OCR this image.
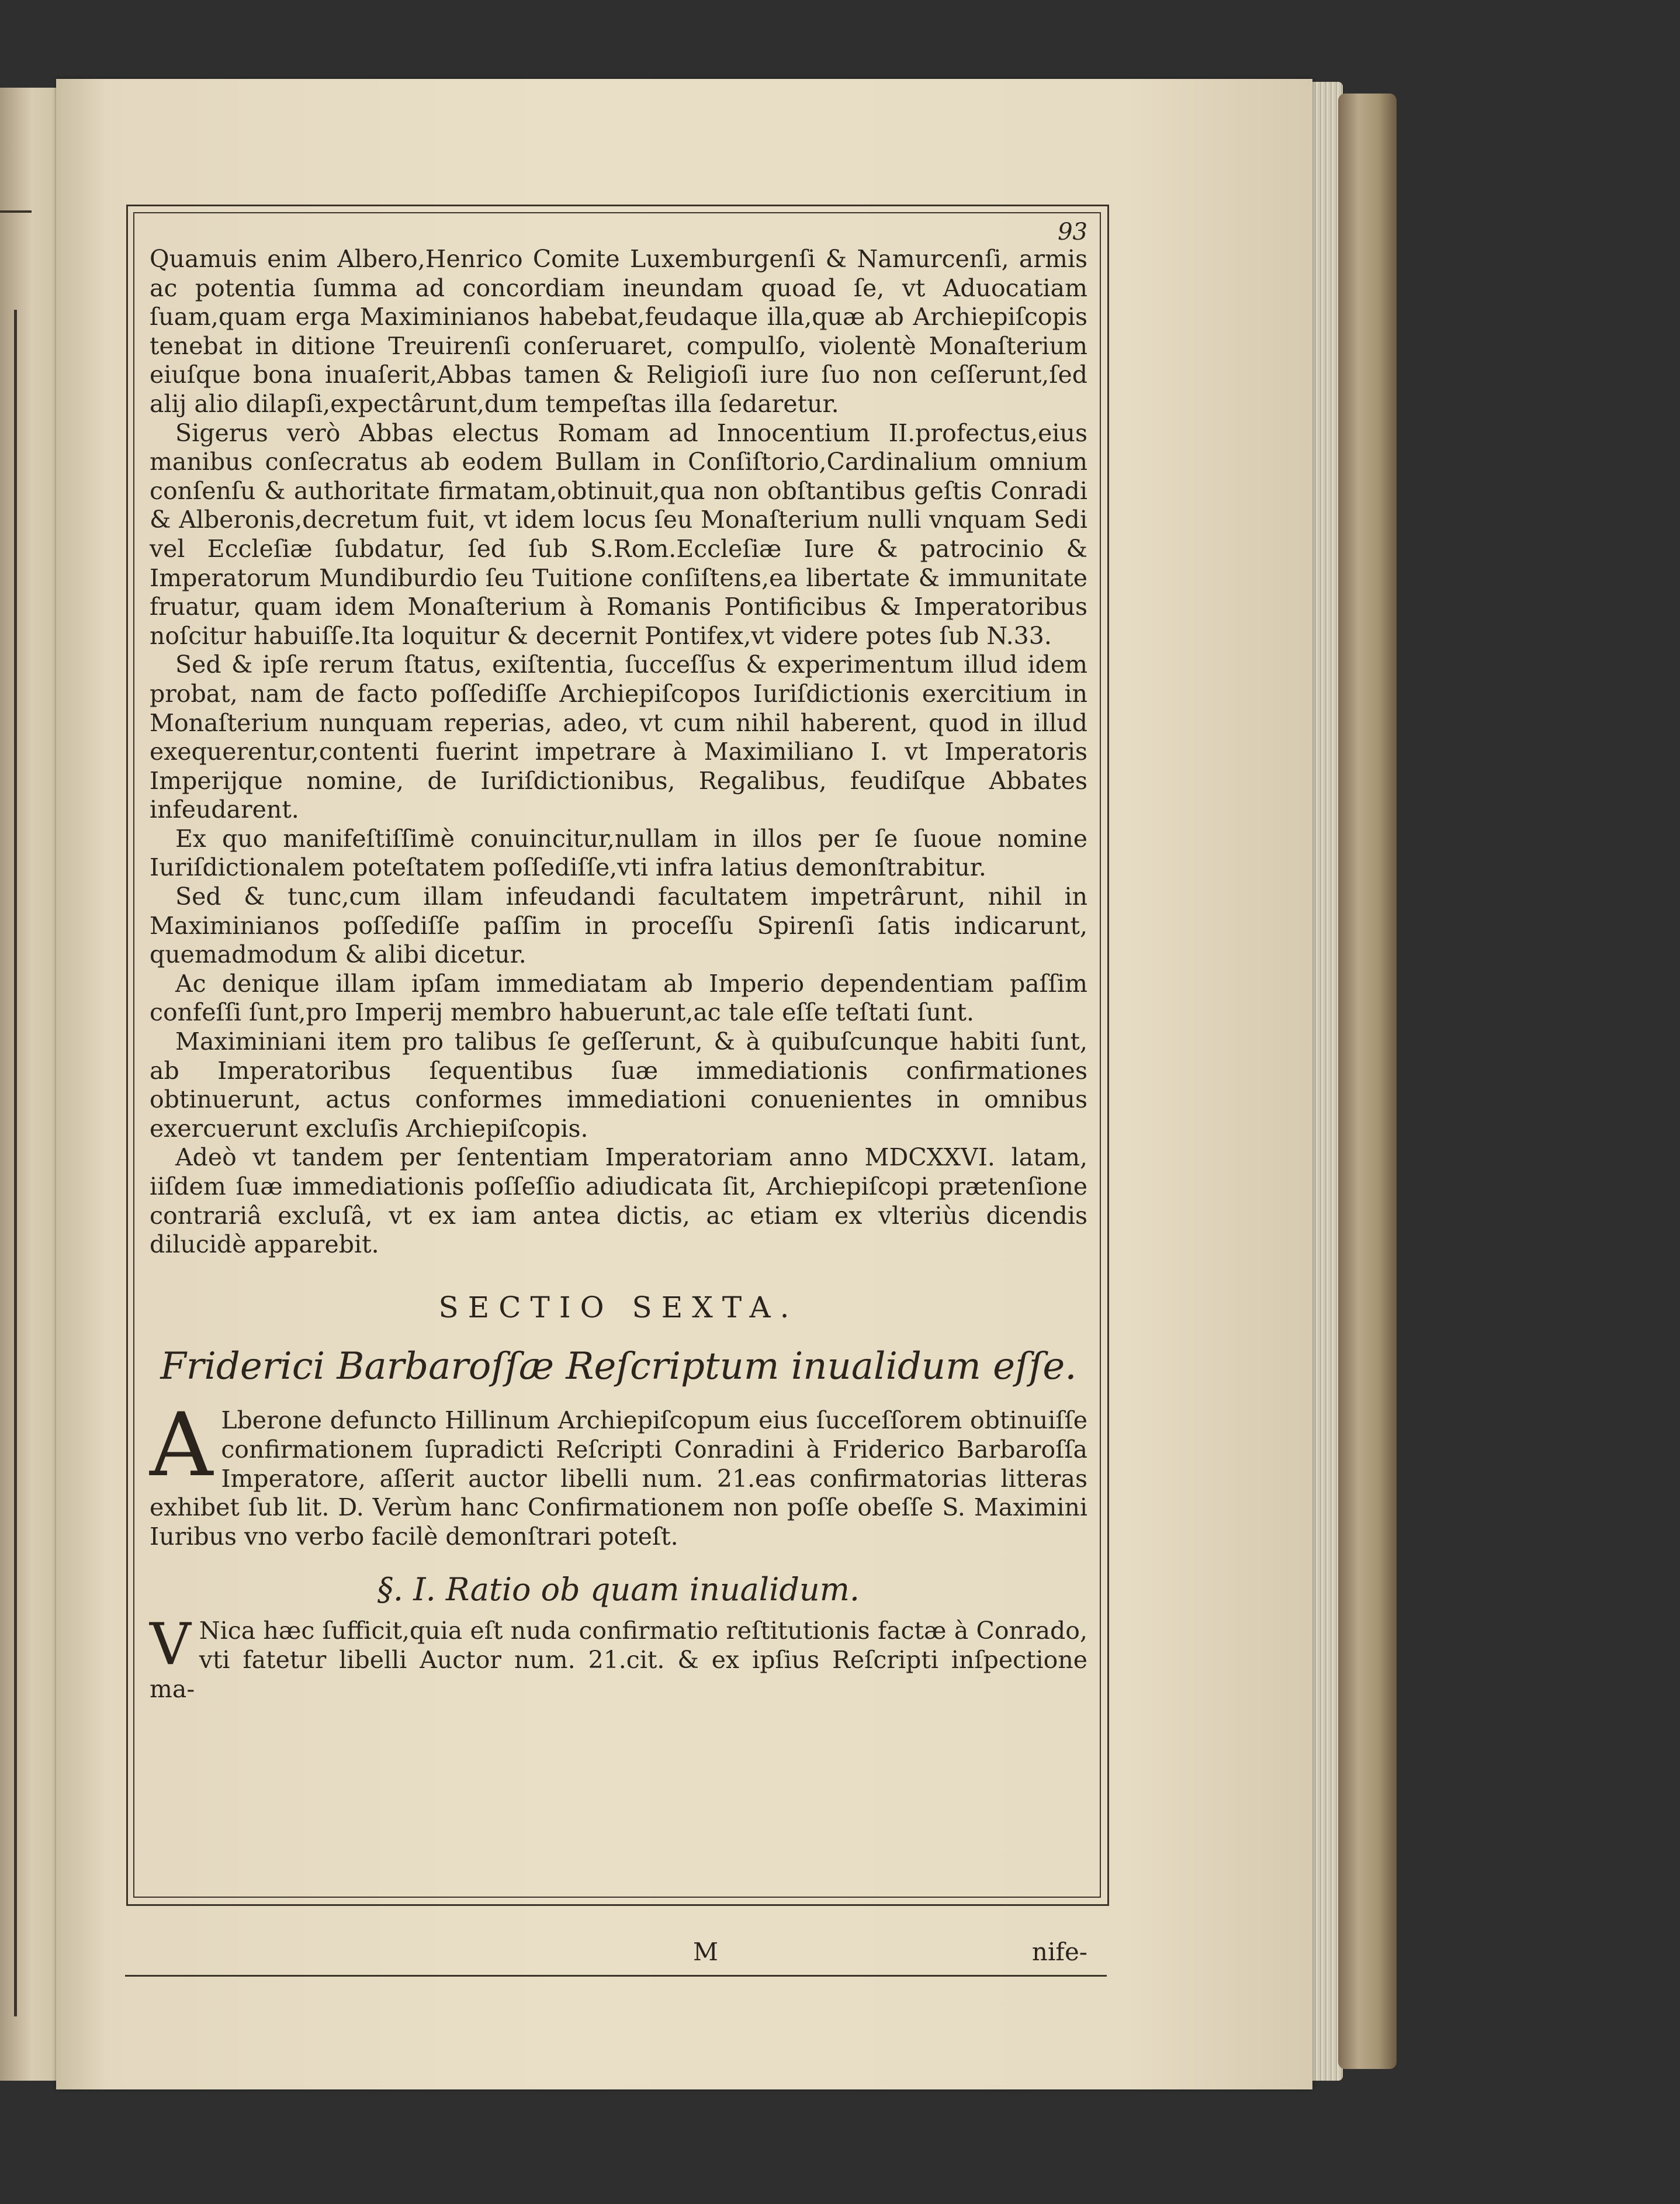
93

Quamuis enim Albero,Henrico Comite Luxemburgenſi & Namurcenſi, armis ac potentia ſumma ad concordiam ineundam quoad ſe, vt Aduocatiam ſuam,quam erga Maximinianos habebat,feudaque illa,quæ ab Archiepiſcopis tenebat in ditione Treuirenſi conſeruaret, compulſo, violentè Monaſterium eiuſque bona inuaſerit,Abbas tamen & Religioſi iure ſuo non ceſſerunt,ſed alij alio dilapſi,expectârunt,dum tempeſtas illa ſedaretur.

Sigerus verò Abbas electus Romam ad Innocentium II.profectus,eius manibus conſecratus ab eodem Bullam in Conſiſtorio,Cardinalium omnium conſenſu & authoritate firmatam,obtinuit,qua non obſtantibus geſtis Conradi & Alberonis,decretum fuit, vt idem locus ſeu Monaſterium nulli vnquam Sedi vel Eccleſiæ ſubdatur, ſed ſub S.Rom.Eccleſiæ Iure & patrocinio & Imperatorum Mundiburdio ſeu Tuitione conſiſtens,ea libertate & immunitate fruatur, quam idem Monaſterium à Romanis Pontificibus & Imperatoribus noſcitur habuiſſe.Ita loquitur & decernit Pontifex,vt videre potes ſub N.33.

Sed & ipſe rerum ſtatus, exiſtentia, ſucceſſus & experimentum illud idem probat, nam de facto poſſediſſe Archiepiſcopos Iuriſdictionis exercitium in Monaſterium nunquam reperias, adeo, vt cum nihil haberent, quod in illud exequerentur,contenti fuerint impetrare à Maximiliano I. vt Imperatoris Imperijque nomine, de Iuriſdictionibus, Regalibus, feudiſque Abbates infeudarent.

Ex quo manifeſtiſſimè conuincitur,nullam in illos per ſe ſuoue nomine Iuriſdictionalem poteſtatem poſſediſſe,vti infra latius demonſtrabitur.

Sed & tunc,cum illam infeudandi facultatem impetrârunt, nihil in Maximinianos poſſediſſe paſſim in proceſſu Spirenſi ſatis indicarunt, quemadmodum & alibi dicetur.

Ac denique illam ipſam immediatam ab Imperio dependentiam paſſim confeſſi ſunt,pro Imperij membro habuerunt,ac tale eſſe teſtati ſunt.

Maximiniani item pro talibus ſe geſſerunt, & à quibuſcunque habiti ſunt, ab Imperatoribus ſequentibus ſuæ immediationis confirmationes obtinuerunt, actus conformes immediationi conuenientes in omnibus exercuerunt excluſis Archiepiſcopis.

Adeò vt tandem per ſententiam Imperatoriam anno MDCXXVI. latam, iiſdem ſuæ immediationis poſſeſſio adiudicata ſit, Archiepiſcopi prætenſione contrariâ excluſâ, vt ex iam antea dictis, ac etiam ex vlteriùs dicendis dilucidè apparebit.

SECTIO SEXTA.
Friderici Barbaroſſæ Reſcriptum inualidum eſſe.

A Lberone defuncto Hillinum Archiepiſcopum eius ſucceſſorem obtinuiſſe confirmationem ſupradicti Reſcripti Conradini à Friderico Barbaroſſa Imperatore, aſſerit auctor libelli num. 21.eas confirmatorias litteras exhibet ſub lit. D. Verùm hanc Confirmationem non poſſe obeſſe S. Maximini Iuribus vno verbo facilè demonſtrari poteſt.

§. I. Ratio ob quam inualidum.

V Nica hæc ſufficit,quia eſt nuda confirmatio reſtitutionis factæ à Conrado, vti fatetur libelli Auctor num. 21.cit. & ex ipſius Reſcripti inſpectione ma-

M	nife-
